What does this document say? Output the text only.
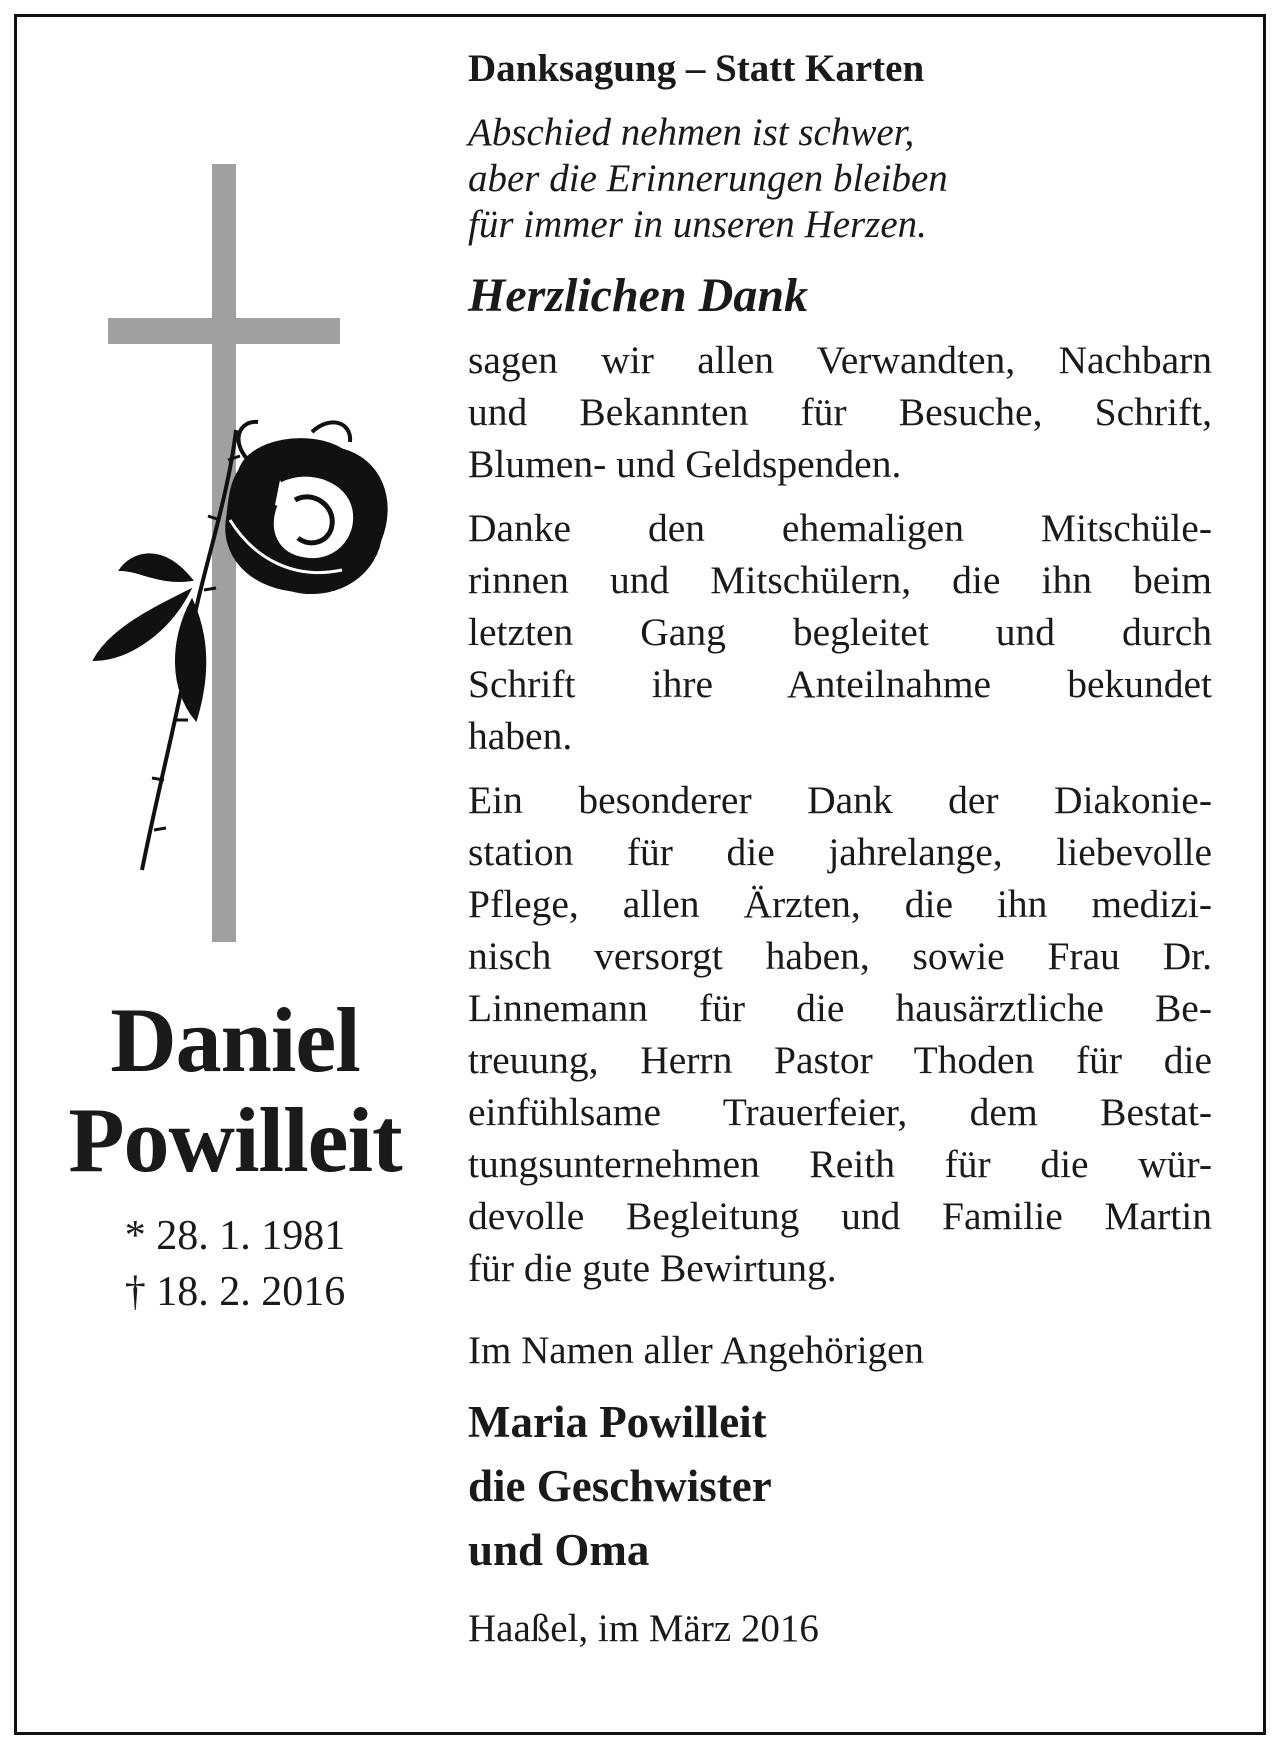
Daniel

Powilleit

* 28. 1. 1981
† 18. 2. 2016

Danksagung – Statt Karten

Abschied nehmen ist schwer,
aber die Erinnerungen bleiben
für immer in unseren Herzen.
Herzlichen Dank
sagen wir allen Verwandten, Nachbarn
und Bekannten für Besuche, Schrift,
Blumen- und Geldspenden.
Danke den ehemaligen Mitschüle-
rinnen und Mitschülern, die ihn beim
letzten Gang begleitet und durch
Schrift ihre Anteilnahme bekundet
haben.
Ein besonderer Dank der Diakonie-
station für die jahrelange, liebevolle
Pflege, allen Ärzten, die ihn medizi-
nisch versorgt haben, sowie Frau Dr.
Linnemann für die hausärztliche Be-
treuung, Herrn Pastor Thoden für die
einfühlsame Trauerfeier, dem Bestat-
tungsunternehmen Reith für die wür-
devolle Begleitung und Familie Martin
für die gute Bewirtung.
Im Namen aller Angehörigen
Maria Powilleit
die Geschwister
und Oma
Haaßel, im März 2016
